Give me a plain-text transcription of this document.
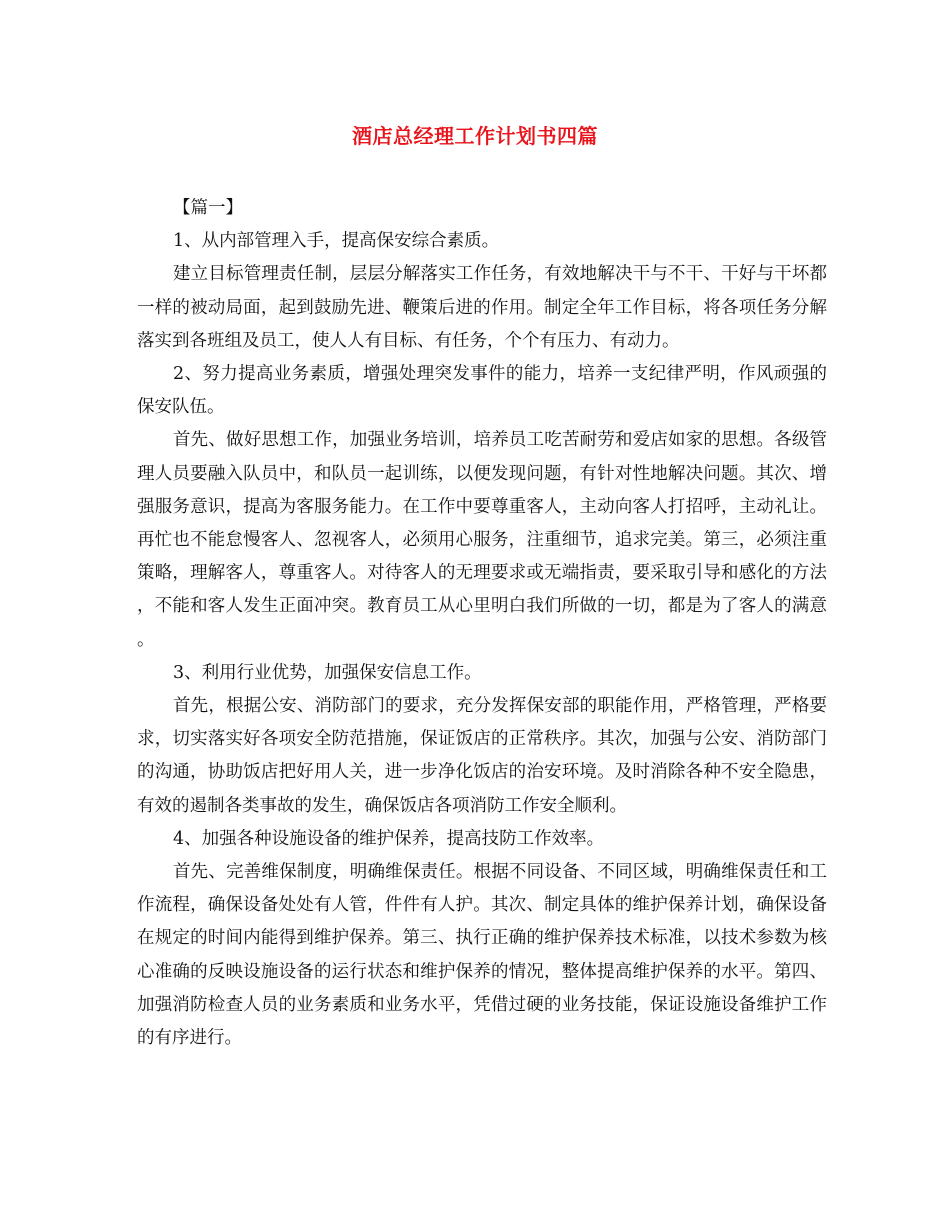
酒店总经理工作计划书四篇

【篇一】

1、从内部管理入手，提高保安综合素质。

建立目标管理责任制，层层分解落实工作任务，有效地解决干与不干、干好与干坏都一样的被动局面，起到鼓励先进、鞭策后进的作用。制定全年工作目标，将各项任务分解落实到各班组及员工，使人人有目标、有任务，个个有压力、有动力。

2、努力提高业务素质，增强处理突发事件的能力，培养一支纪律严明，作风顽强的保安队伍。

首先、做好思想工作，加强业务培训，培养员工吃苦耐劳和爱店如家的思想。各级管理人员要融入队员中，和队员一起训练，以便发现问题，有针对性地解决问题。其次、增强服务意识，提高为客服务能力。在工作中要尊重客人，主动向客人打招呼，主动礼让。再忙也不能怠慢客人、忽视客人，必须用心服务，注重细节，追求完美。第三，必须注重策略，理解客人，尊重客人。对待客人的无理要求或无端指责，要采取引导和感化的方法，不能和客人发生正面冲突。教育员工从心里明白我们所做的一切，都是为了客人的满意。

3、利用行业优势，加强保安信息工作。

首先，根据公安、消防部门的要求，充分发挥保安部的职能作用，严格管理，严格要求，切实落实好各项安全防范措施，保证饭店的正常秩序。其次，加强与公安、消防部门的沟通，协助饭店把好用人关，进一步净化饭店的治安环境。及时消除各种不安全隐患，有效的遏制各类事故的发生，确保饭店各项消防工作安全顺利。

4、加强各种设施设备的维护保养，提高技防工作效率。

首先、完善维保制度，明确维保责任。根据不同设备、不同区域，明确维保责任和工作流程，确保设备处处有人管，件件有人护。其次、制定具体的维护保养计划，确保设备在规定的时间内能得到维护保养。第三、执行正确的维护保养技术标准，以技术参数为核心准确的反映设施设备的运行状态和维护保养的情况，整体提高维护保养的水平。第四、加强消防检查人员的业务素质和业务水平，凭借过硬的业务技能，保证设施设备维护工作的有序进行。
